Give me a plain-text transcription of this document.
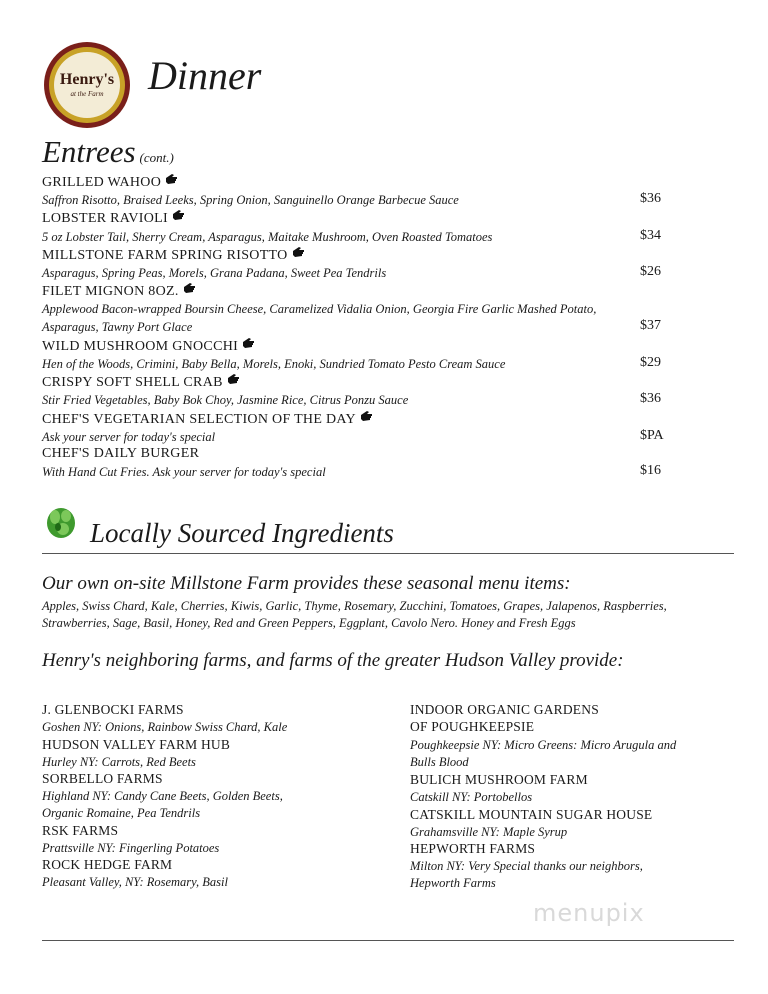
Henry's
at the Farm Dinner
Entrees (cont.)
GRILLED WAHOO
Saffron Risotto, Braised Leeks, Spring Onion, Sanguinello Orange Barbecue Sauce	$36
LOBSTER RAVIOLI
5 oz Lobster Tail, Sherry Cream, Asparagus, Maitake Mushroom, Oven Roasted Tomatoes	$34
MILLSTONE FARM SPRING RISOTTO
Asparagus, Spring Peas, Morels, Grana Padana, Sweet Pea Tendrils	$26
FILET MIGNON 8OZ.
Applewood Bacon-wrapped Boursin Cheese, Caramelized Vidalia Onion, Georgia Fire Garlic Mashed Potato,
Asparagus, Tawny Port Glace	$37
WILD MUSHROOM GNOCCHI
Hen of the Woods, Crimini, Baby Bella, Morels, Enoki, Sundried Tomato Pesto Cream Sauce	$29
CRISPY SOFT SHELL CRAB
Stir Fried Vegetables, Baby Bok Choy, Jasmine Rice, Citrus Ponzu Sauce	$36
CHEF'S VEGETARIAN SELECTION OF THE DAY
Ask your server for today's special	$PA
CHEF'S DAILY BURGER
With Hand Cut Fries. Ask your server for today's special	$16
Locally Sourced Ingredients
Our own on-site Millstone Farm provides these seasonal menu items:
Apples, Swiss Chard, Kale, Cherries, Kiwis, Garlic, Thyme, Rosemary, Zucchini, Tomatoes, Grapes, Jalapenos, Raspberries, Strawberries, Sage, Basil, Honey, Red and Green Peppers, Eggplant, Cavolo Nero. Honey and Fresh Eggs
Henry's neighboring farms, and farms of the greater Hudson Valley provide:
J. GLENBOCKI FARMS
Goshen NY: Onions, Rainbow Swiss Chard, Kale
HUDSON VALLEY FARM HUB
Hurley NY: Carrots, Red Beets
SORBELLO FARMS
Highland NY: Candy Cane Beets, Golden Beets,
Organic Romaine, Pea Tendrils
RSK FARMS
Prattsville NY: Fingerling Potatoes
ROCK HEDGE FARM
Pleasant Valley, NY: Rosemary, Basil
INDOOR ORGANIC GARDENS
OF POUGHKEEPSIE
Poughkeepsie NY: Micro Greens: Micro Arugula and
Bulls Blood
BULICH MUSHROOM FARM
Catskill NY: Portobellos
CATSKILL MOUNTAIN SUGAR HOUSE
Grahamsville NY: Maple Syrup
HEPWORTH FARMS
Milton NY: Very Special thanks our neighbors,
Hepworth Farms
menupix
